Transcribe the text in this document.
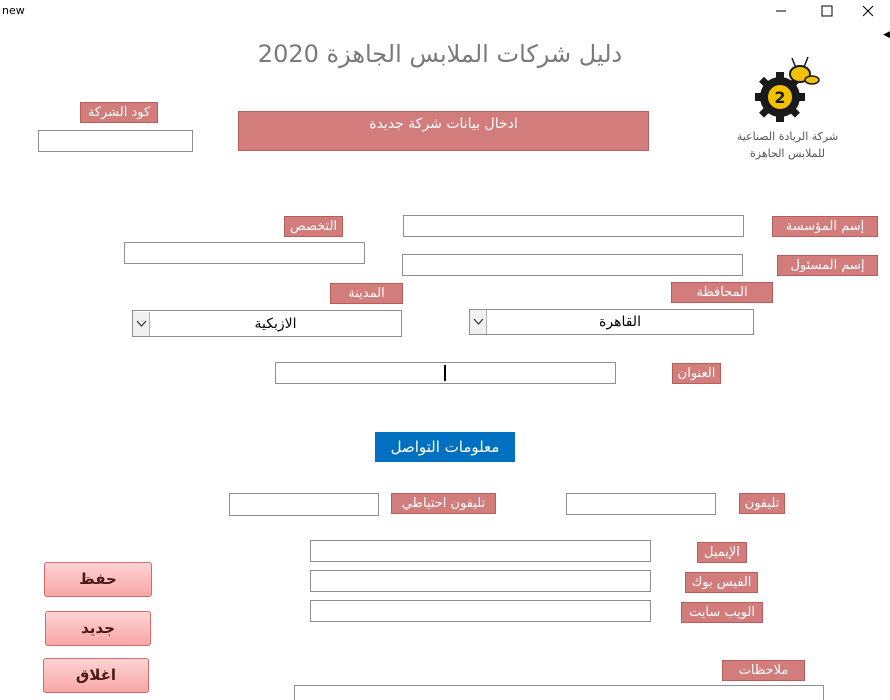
new
◀
دليل شركات الملابس الجاهزة 2020
2
شركة الريادة الصناعية
للملابس الجاهزة
كود الشركة
ادخال بيانات شركة جديدة
إسم المؤسسة
التخصص
إسم المسئول
المحافظة
القاهرة
المدينة
الازبكية
العنوان
معلومات التواصل
تليفون
تليفون احتياطي
الإيميل
الفيس بوك
الويب سايت
ملاحظات
حفظ
جديد
اغلاق
